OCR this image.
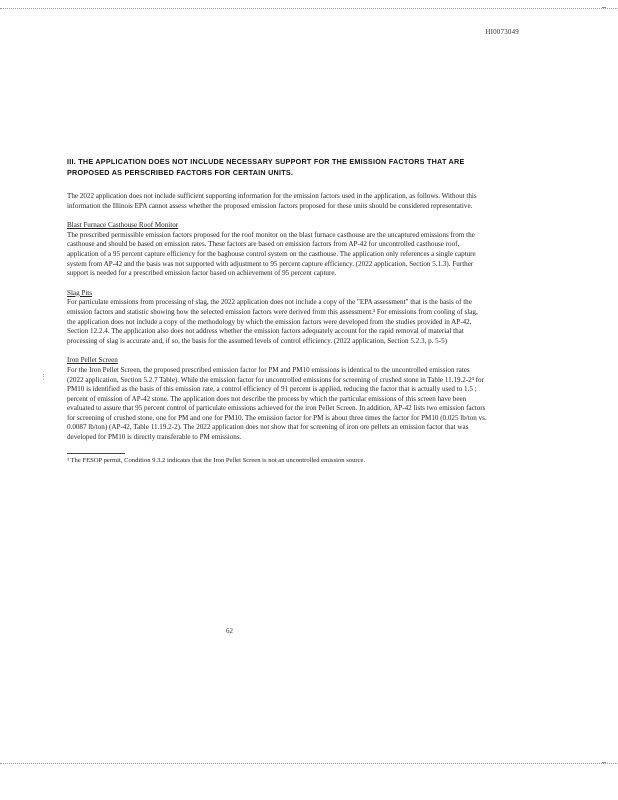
HI0073049
⋮
III. THE APPLICATION DOES NOT INCLUDE NECESSARY SUPPORT FOR THE EMISSION FACTORS THAT ARE PROPOSED AS PERSCRIBED FACTORS FOR CERTAIN UNITS.

The 2022 application does not include sufficient supporting information for the emission factors used in the application, as follows. Without this information the Illinois EPA cannot assess whether the proposed emission factors proposed for these units should be considered representative.

Blast Furnace Casthouse Roof Monitor

The prescribed permissible emission factors proposed for the roof monitor on the blast furnace casthouse are the uncaptured emissions from the casthouse and should be based on emission rates. These factors are based on emission factors from AP-42 for uncontrolled casthouse roof, application of a 95 percent capture efficiency for the baghouse control system on the casthouse. The application only references a single capture system from AP-42 and the basis was not supported with adjustment to 95 percent capture efficiency. (2022 application, Section 5.1.3). Further support is needed for a prescribed emission factor based on achievement of 95 percent capture.

Slag Pits

For particulate emissions from processing of slag, the 2022 application does not include a copy of the "EPA assessment" that is the basis of the emission factors and statistic showing how the selected emission factors were derived from this assessment.³ For emissions from cooling of slag, the application does not include a copy of the methodology by which the emission factors were developed from the studies provided in AP-42, Section 12.2.4. The application also does not address whether the emission factors adequately account for the rapid removal of material that processing of slag is accurate and, if so, the basis for the assumed levels of control efficiency. (2022 application, Section 5.2.3, p. 5-5)

Iron Pellet Screen

For the Iron Pellet Screen, the proposed prescribed emission factor for PM and PM10 emissions is identical to the uncontrolled emission rates (2022 application, Section 5.2.7 Table). While the emission factor for uncontrolled emissions for screening of crushed stone in Table 11.19.2-2³ for PM10 is identified as the basis of this emission rate, a control efficiency of 91 percent is applied, reducing the factor that is actually used to 1.5 ; percent of emission of AP-42 stone. The application does not describe the process by which the particular emissions of this screen have been evaluated to assure that 95 percent control of particulate emissions achieved for the iron Pellet Screen. In addition, AP-42 lists two emission factors for screening of crushed stone, one for PM and one for PM10. The emission factor for PM is about three times the factor for PM10 (0.025 lb/ton vs. 0.0087 lb/ton) (AP-42, Table 11.19.2-2). The 2022 application does not show that for screening of iron ore pellets an emission factor that was developed for PM10 is directly transferable to PM emissions.

³ The FESOP permit, Condition 9.3.2 indicates that the Iron Pellet Screen is not an uncontrolled emission source.

62
